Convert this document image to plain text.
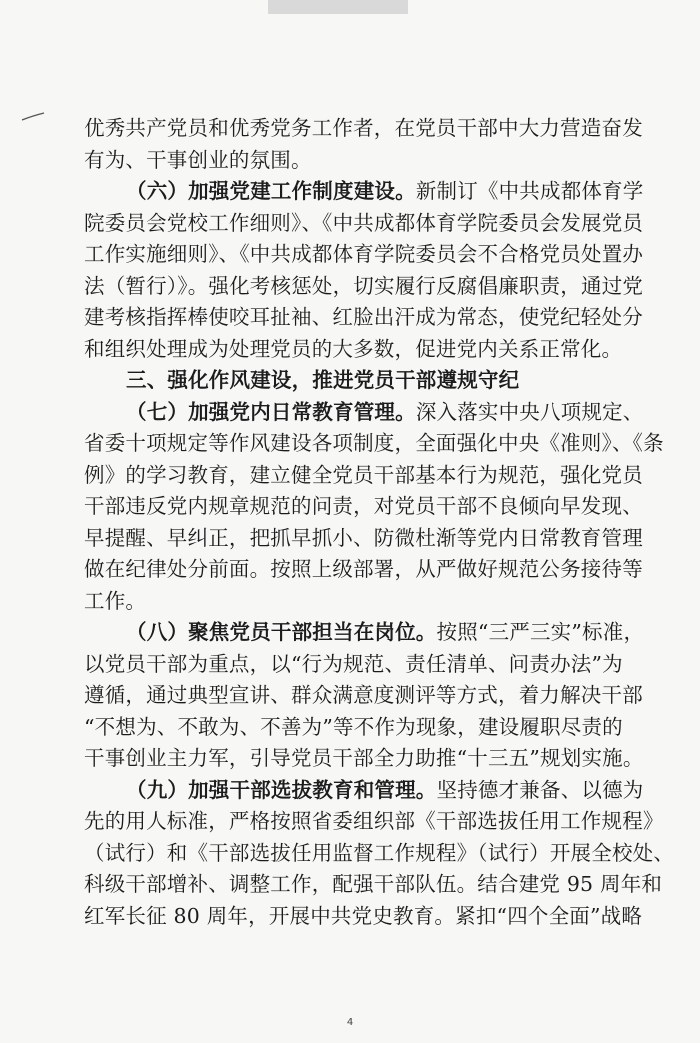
优秀共产党员和优秀党务工作者，在党员干部中大力营造奋发
有为、干事创业的氛围。
（六）加强党建工作制度建设。新制订《中共成都体育学
院委员会党校工作细则》、《中共成都体育学院委员会发展党员
工作实施细则》、《中共成都体育学院委员会不合格党员处置办
法（暂行）》。强化考核惩处，切实履行反腐倡廉职责，通过党
建考核指挥棒使咬耳扯袖、红脸出汗成为常态，使党纪轻处分
和组织处理成为处理党员的大多数，促进党内关系正常化。
三、强化作风建设，推进党员干部遵规守纪
（七）加强党内日常教育管理。深入落实中央八项规定、
省委十项规定等作风建设各项制度，全面强化中央《准则》、《条
例》的学习教育，建立健全党员干部基本行为规范，强化党员
干部违反党内规章规范的问责，对党员干部不良倾向早发现、
早提醒、早纠正，把抓早抓小、防微杜渐等党内日常教育管理
做在纪律处分前面。按照上级部署，从严做好规范公务接待等
工作。
（八）聚焦党员干部担当在岗位。按照“三严三实”标准，
以党员干部为重点，以“行为规范、责任清单、问责办法”为
遵循，通过典型宣讲、群众满意度测评等方式，着力解决干部
“不想为、不敢为、不善为”等不作为现象，建设履职尽责的
干事创业主力军，引导党员干部全力助推“十三五”规划实施。
（九）加强干部选拔教育和管理。坚持德才兼备、以德为
先的用人标准，严格按照省委组织部《干部选拔任用工作规程》
（试行）和《干部选拔任用监督工作规程》（试行）开展全校处、
科级干部增补、调整工作，配强干部队伍。结合建党 95 周年和
红军长征 80 周年，开展中共党史教育。紧扣“四个全面”战略
4
